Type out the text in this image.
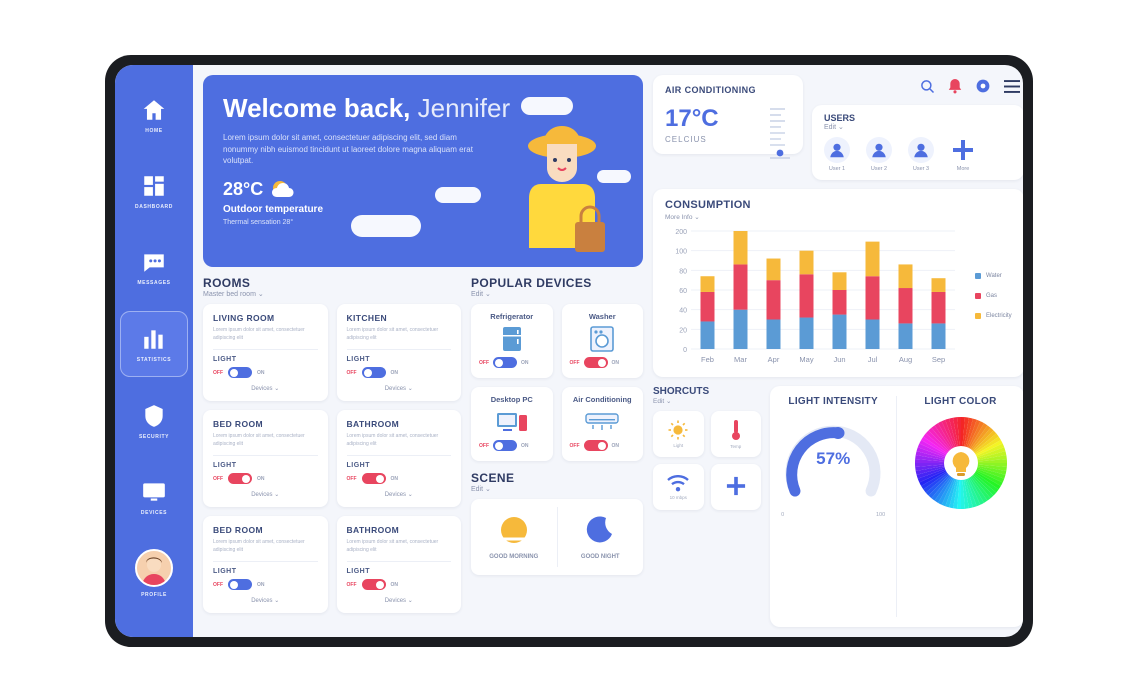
HOME
DASHBOARD
MESSAGES
STATISTICS
SECURITY
DEVICES
PROFILE
Welcome back, Jennifer

Lorem ipsum dolor sit amet, consectetuer adipiscing elit, sed diam nonummy nibh euismod tincidunt ut laoreet dolore magna aliquam erat volutpat.

28°C
Outdoor temperature
Thermal sensation 28°
ROOMS
Master bed room ⌄
LIVING ROOM
Lorem ipsum dolor sit amet, consectetuer adipiscing elit
LIGHT
OFF	ON
Devices ⌄
KITCHEN
Lorem ipsum dolor sit amet, consectetuer adipiscing elit
LIGHT
OFF	ON
Devices ⌄
BED ROOM
Lorem ipsum dolor sit amet, consectetuer adipiscing elit
LIGHT
OFF	ON
Devices ⌄
BATHROOM
Lorem ipsum dolor sit amet, consectetuer adipiscing elit
LIGHT
OFF	ON
Devices ⌄
BED ROOM
Lorem ipsum dolor sit amet, consectetuer adipiscing elit
LIGHT
OFF	ON
Devices ⌄
BATHROOM
Lorem ipsum dolor sit amet, consectetuer adipiscing elit
LIGHT
OFF	ON
Devices ⌄
POPULAR DEVICES
Edit ⌄
Refrigerator
OFF	ON
Washer
OFF	ON
Desktop PC
OFF	ON
Air Conditioning
OFF	ON
SCENE
Edit ⌄
GOOD MORNING	GOOD NIGHT
AIR CONDITIONING
17°C
CELCIUS
USERS
Edit ⌄
User 1	User 2	User 3	More
CONSUMPTION
More Info ⌄
0
20
40
60
80
100
200
Feb	Mar	Apr	May	Jun	Jul	Aug	Sep
Water
Gas
Electricity
SHORCUTS
Edit ⌄
Light	Temp
10 mbps
LIGHT INTENSITY
57%
0	100
LIGHT COLOR
